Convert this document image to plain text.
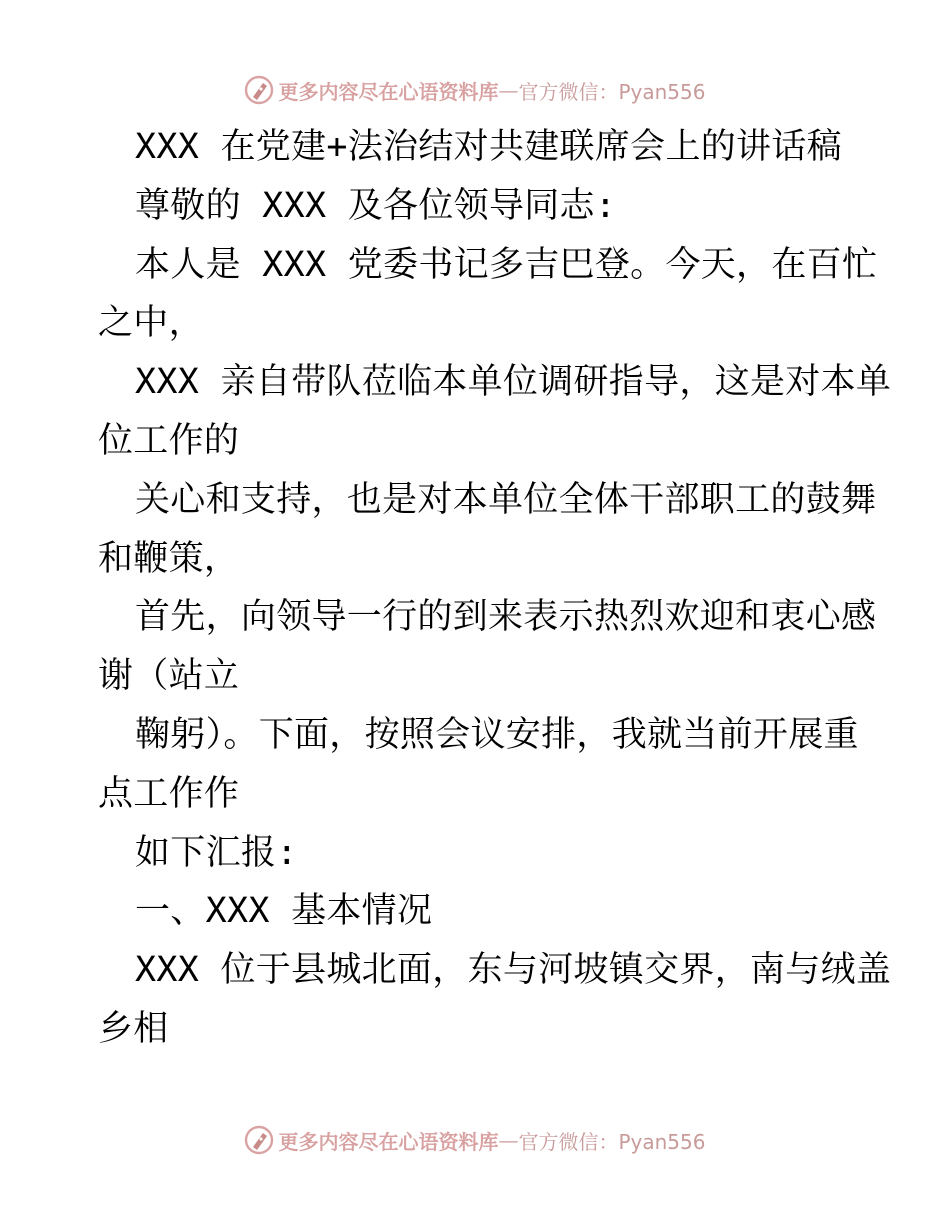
更多内容尽在心语资料库 — 官方微信：Pyan556
XXX 在党建+法治结对共建联席会上的讲话稿
尊敬的 XXX 及各位领导同志:
本人是 XXX 党委书记多吉巴登。今天，在百忙
之中，
XXX 亲自带队莅临本单位调研指导，这是对本单
位工作的
关心和支持，也是对本单位全体干部职工的鼓舞
和鞭策，
首先，向领导一行的到来表示热烈欢迎和衷心感
谢（站立
鞠躬）。下面，按照会议安排，我就当前开展重
点工作作
如下汇报:
一、XXX 基本情况
XXX 位于县城北面，东与河坡镇交界，南与绒盖
乡相
更多内容尽在心语资料库 — 官方微信：Pyan556
